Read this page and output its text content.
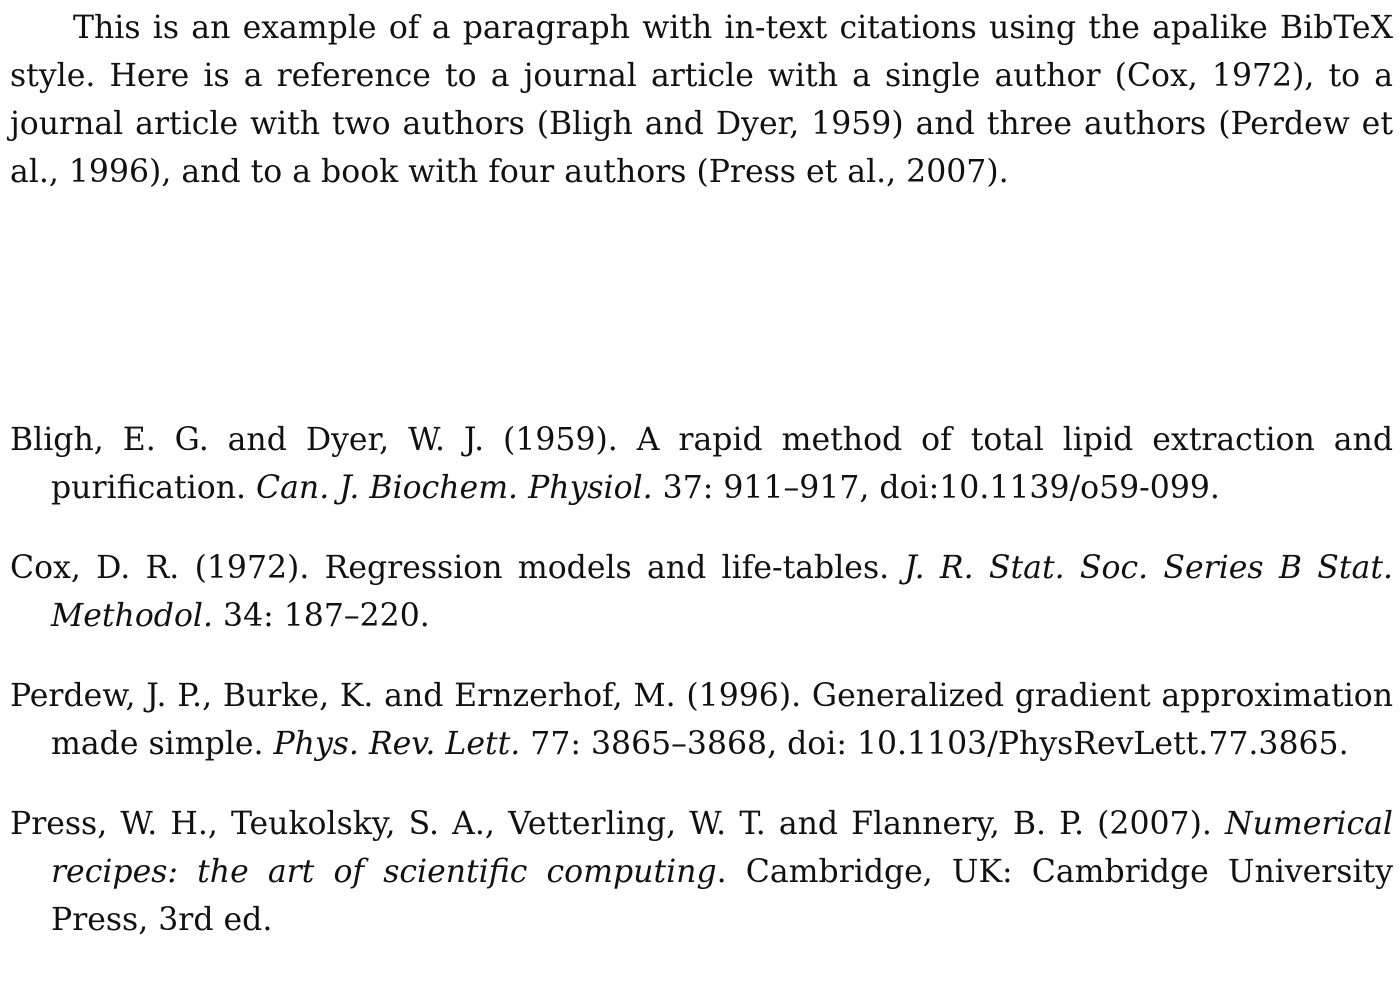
This is an example of a paragraph with in-text citations using the apalike BibTeX style. Here is a reference to a journal article with a single author (Cox, 1972), to a journal article with two authors (Bligh and Dyer, 1959) and three authors (Perdew et al., 1996), and to a book with four authors (Press et al., 2007).

Bligh, E. G. and Dyer, W. J. (1959). A rapid method of total lipid extraction and purification. Can. J. Biochem. Physiol. 37: 911–917, doi:10.1139/o59-099.

Cox, D. R. (1972). Regression models and life-tables. J. R. Stat. Soc. Series B Stat. Methodol. 34: 187–220.

Perdew, J. P., Burke, K. and Ernzerhof, M. (1996). Generalized gradient approximation made simple. Phys. Rev. Lett. 77: 3865–3868, doi: 10.1103/PhysRevLett.77.3865.

Press, W. H., Teukolsky, S. A., Vetterling, W. T. and Flannery, B. P. (2007). Numerical recipes: the art of scientific computing. Cambridge, UK: Cambridge University Press, 3rd ed.
